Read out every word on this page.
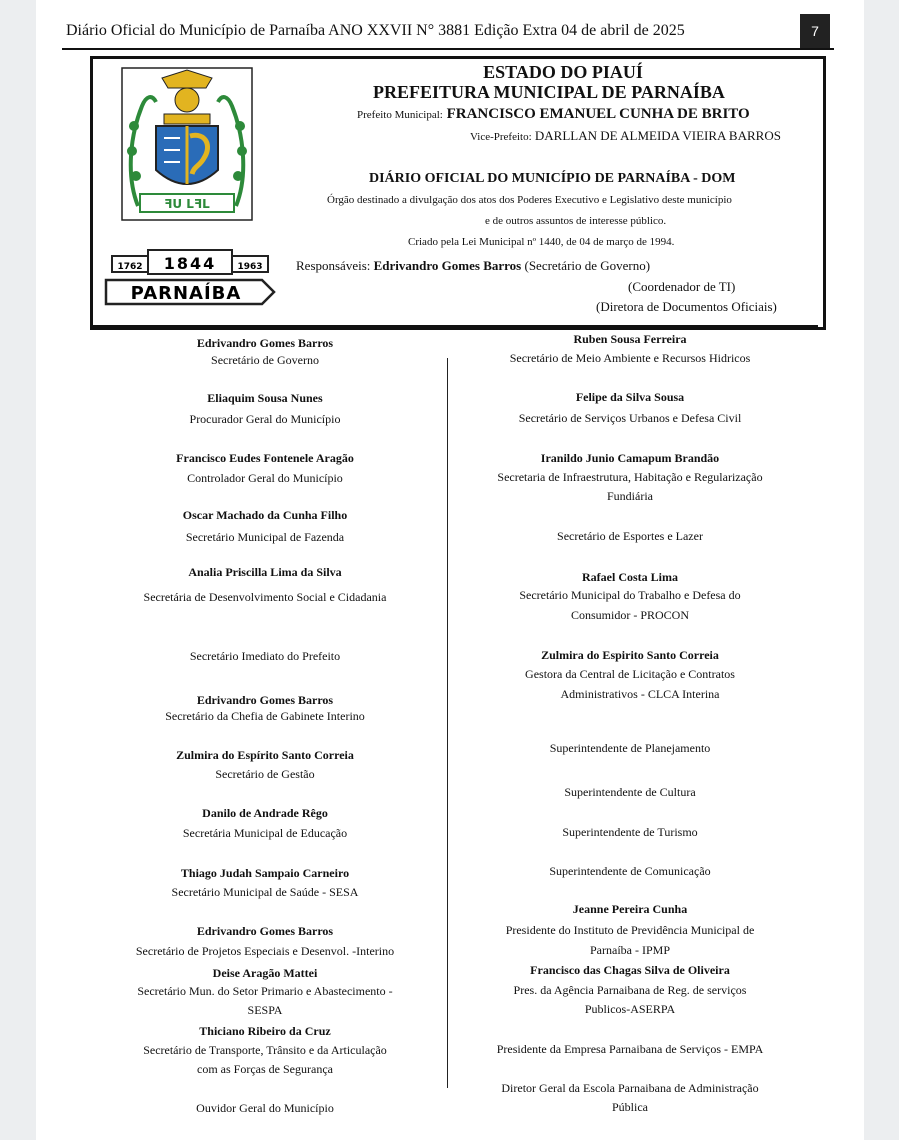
Diário Oficial do Município de Parnaíba ANO XXVII N° 3881 Edição Extra 04 de abril de 2025	7
ꟻU LꟻL
1762 1844 1963
PARNAÍBA
ESTADO DO PIAUÍ
PREFEITURA MUNICIPAL DE PARNAÍBA
Prefeito Municipal: FRANCISCO EMANUEL CUNHA DE BRITO
Vice-Prefeito: DARLLAN DE ALMEIDA VIEIRA BARROS
DIÁRIO OFICIAL DO MUNICÍPIO DE PARNAÍBA - DOM
Órgão destinado a divulgação dos atos dos Poderes Executivo e Legislativo deste município
e de outros assuntos de interesse público.
Criado pela Lei Municipal nº 1440, de 04 de março de 1994.
Responsáveis: Edrivandro Gomes Barros (Secretário de Governo)
(Coordenador de TI)
(Diretora de Documentos Oficiais)
Edrivandro Gomes Barros
Secretário de Governo
Eliaquim Sousa Nunes
Procurador Geral do Município
Francisco Eudes Fontenele Aragão
Controlador Geral do Município
Oscar Machado da Cunha Filho
Secretário Municipal de Fazenda
Analia Priscilla Lima da Silva
Secretária de Desenvolvimento Social e Cidadania
Secretário Imediato do Prefeito
Edrivandro Gomes Barros
Secretário da Chefia de Gabinete Interino
Zulmira do Espírito Santo Correia
Secretário de Gestão
Danilo de Andrade Rêgo
Secretária Municipal de Educação
Thiago Judah Sampaio Carneiro
Secretário Municipal de Saúde - SESA
Edrivandro Gomes Barros
Secretário de Projetos Especiais e Desenvol. -Interino
Deise Aragão Mattei
Secretário Mun. do Setor Primario e Abastecimento -
SESPA
Thiciano Ribeiro da Cruz
Secretário de Transporte, Trânsito e da Articulação
com as Forças de Segurança
Ouvidor Geral do Município
Ruben Sousa Ferreira
Secretário de Meio Ambiente e Recursos Hidricos
Felipe da Silva Sousa
Secretário de Serviços Urbanos e Defesa Civil
Iranildo Junio Camapum Brandão
Secretaria de Infraestrutura, Habitação e Regularização
Fundiária
Secretário de Esportes e Lazer
Rafael Costa Lima
Secretário Municipal do Trabalho e Defesa do
Consumidor - PROCON
Zulmira do Espirito Santo Correia
Gestora da Central de Licitação e Contratos
Administrativos - CLCA Interina
Superintendente de Planejamento
Superintendente de Cultura
Superintendente de Turismo
Superintendente de Comunicação
Jeanne Pereira Cunha
Presidente do Instituto de Previdência Municipal de
Parnaíba - IPMP
Francisco das Chagas Silva de Oliveira
Pres. da Agência Parnaibana de Reg. de serviços
Publicos-ASERPA
Presidente da Empresa Parnaibana de Serviços - EMPA
Diretor Geral da Escola Parnaibana de Administração
Pública
